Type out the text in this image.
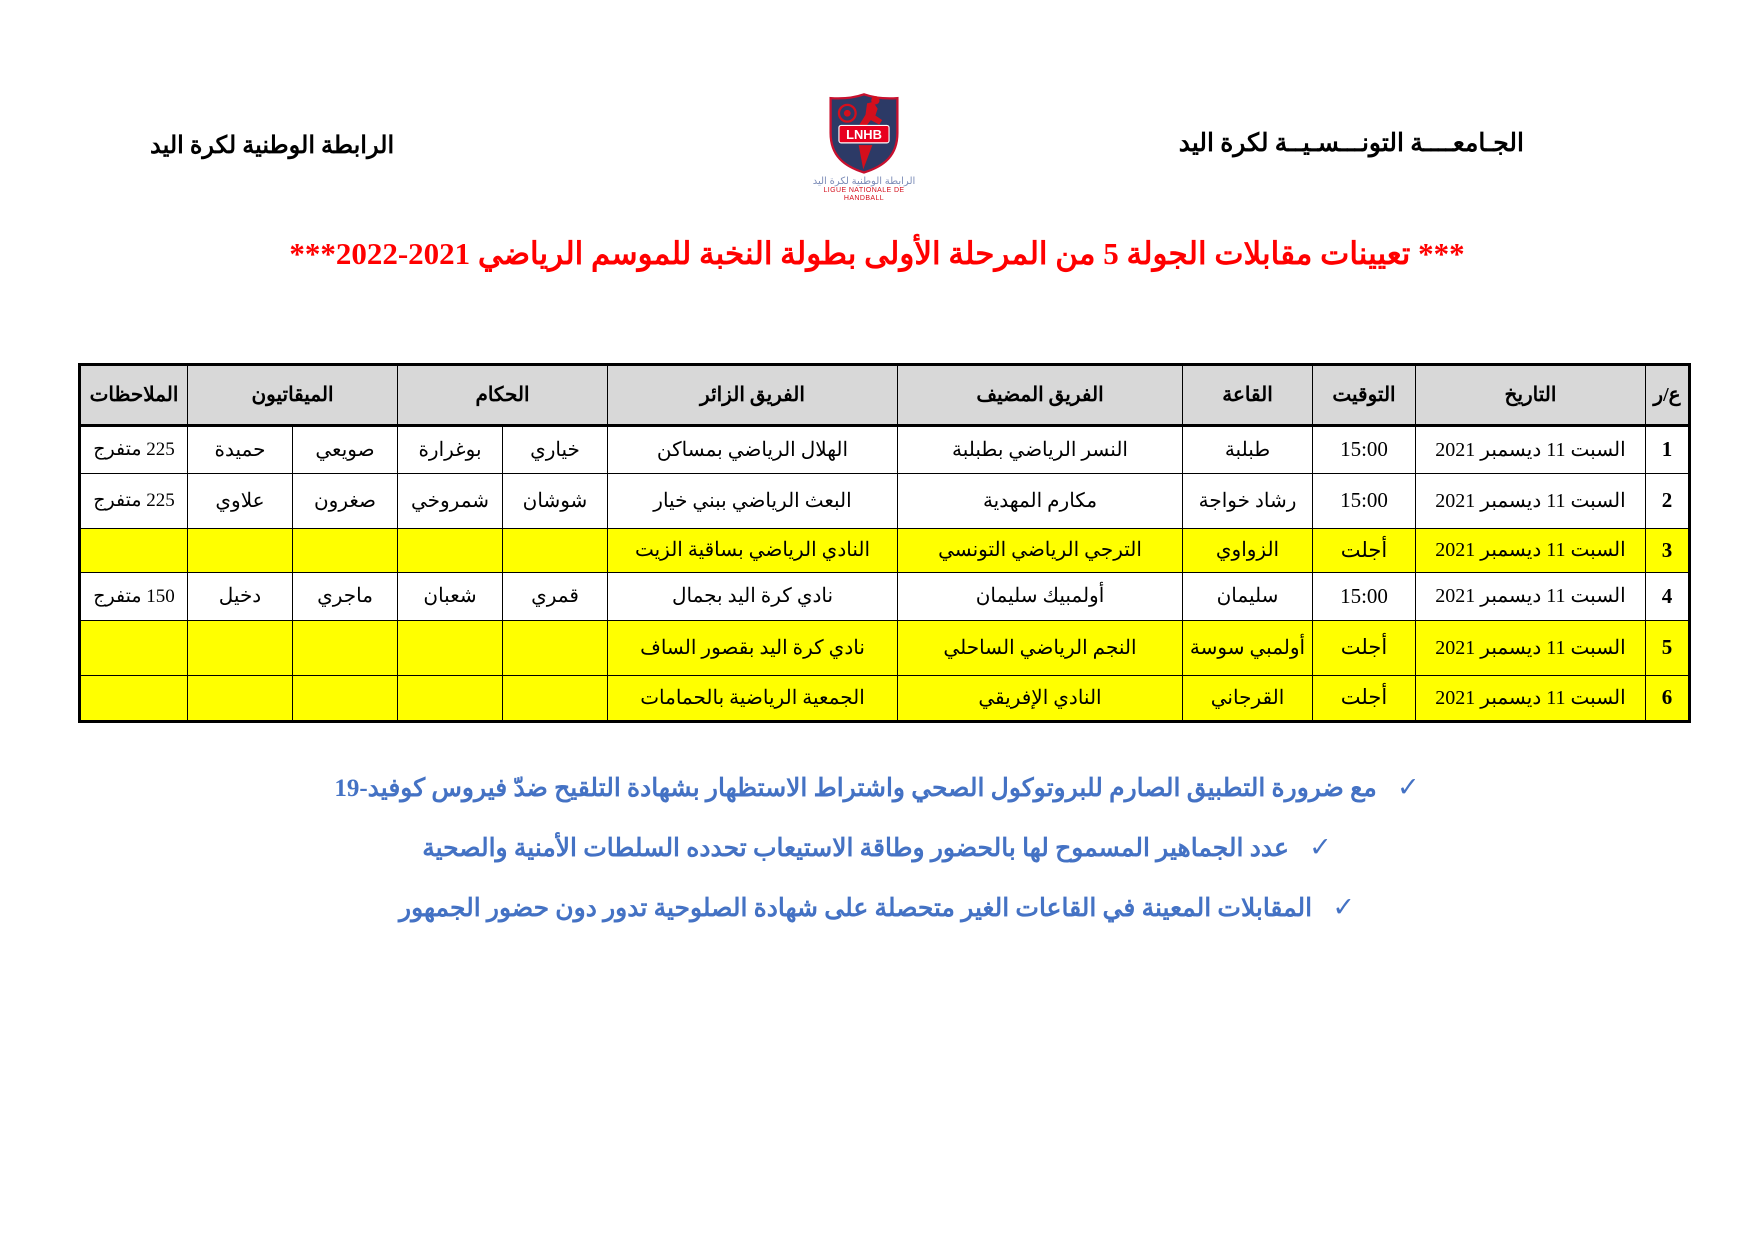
الجـامعــــة التونـــسـيــة لكرة اليد
الرابطة الوطنية لكرة اليد	LNHB
الرابطة الوطنية لكرة اليد
LIGUE NATIONALE DE HANDBALL
*** تعيينات مقابلات الجولة 5 من المرحلة الأولى بطولة النخبة للموسم الرياضي 2021-2022***
ع/ر	التاريخ	التوقيت	القاعة	الفريق المضيف	الفريق الزائر	الحكام		الميقاتيون		الملاحظات
1	السبت 11 ديسمبر 2021	15:00	طبلبة	النسر الرياضي بطبلبة	الهلال الرياضي بمساكن	خياري	بوغرارة	صويعي	حميدة	225 متفرج
2	السبت 11 ديسمبر 2021	15:00	رشاد خواجة	مكارم المهدية	البعث الرياضي ببني خيار	شوشان	شمروخي	صغرون	علاوي	225 متفرج
3	السبت 11 ديسمبر 2021	أجلت	الزواوي	الترجي الرياضي التونسي	النادي الرياضي بساقية الزيت					
4	السبت 11 ديسمبر 2021	15:00	سليمان	أولمبيك سليمان	نادي كرة اليد بجمال	قمري	شعبان	ماجري	دخيل	150 متفرج
5	السبت 11 ديسمبر 2021	أجلت	أولمبي سوسة	النجم الرياضي الساحلي	نادي كرة اليد بقصور الساف					
6	السبت 11 ديسمبر 2021	أجلت	القرجاني	النادي الإفريقي	الجمعية الرياضية بالحمامات					
✓ مع ضرورة التطبيق الصارم للبروتوكول الصحي واشتراط الاستظهار بشهادة التلقيح ضدّ فيروس كوفيد-19
✓ عدد الجماهير المسموح لها بالحضور وطاقة الاستيعاب تحدده السلطات الأمنية والصحية
✓ المقابلات المعينة في القاعات الغير متحصلة على شهادة الصلوحية تدور دون حضور الجمهور
